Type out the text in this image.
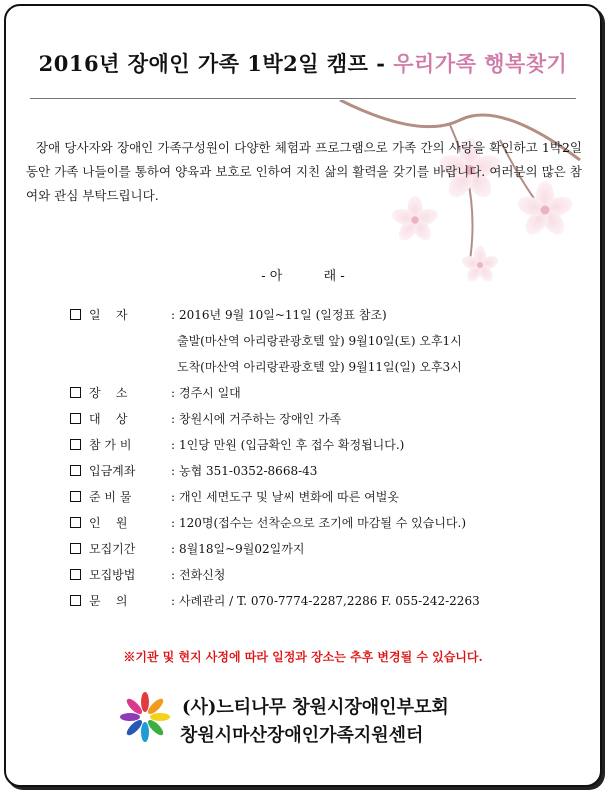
2016년 장애인 가족 1박2일 캠프 - 우리가족 행복찾기

장애 당사자와 장애인 가족구성원이 다양한 체험과 프로그램으로 가족 간의 사랑을 확인하고 1박2일 동안 가족 나들이를 통하여 양육과 보호로 인하여 지친 삶의 활력을 갖기를 바랍니다. 여러분의 많은 참여와 관심 부탁드립니다.

- 아          래 -
일    자	: 2016년 9월 10일~11일 (일정표 참조)
출발(마산역 아리랑관광호텔 앞) 9월10일(토) 오후1시
도착(마산역 아리랑관광호텔 앞) 9월11일(일) 오후3시
장    소	: 경주시 일대
대    상	: 창원시에 거주하는 장애인 가족
참 가 비	: 1인당 만원 (입금확인 후 접수 확정됩니다.)
입금계좌	: 농협 351-0352-8668-43
준 비 물	: 개인 세면도구 및 날씨 변화에 따른 여벌옷
인    원	: 120명(접수는 선착순으로 조기에 마감될 수 있습니다.)
모집기간	: 8월18일~9월02일까지
모집방법	: 전화신청
문    의	: 사례관리 / T. 070-7774-2287,2286 F. 055-242-2263
※기관 및 현지 사정에 따라 일정과 장소는 추후 변경될 수 있습니다.
(사)느티나무 창원시장애인부모회
창원시마산장애인가족지원센터
